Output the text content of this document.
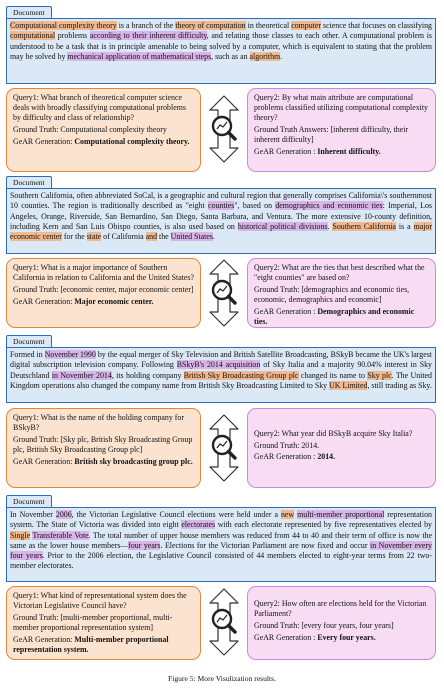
Document
Computational complexity theory is a branch of the theory of computation in theoretical computer science that focuses on classifying computational problems according to their inherent difficulty, and relating those classes to each other. A computational problem is understood to be a task that is in principle amenable to being solved by a computer, which is equivalent to stating that the problem may be solved by mechanical application of mathematical steps, such as an algorithm.

Query1: What branch of theoretical computer science deals with broadly classifying computational problems by difficulty and class of relationship?

Ground Truth: Computational complexity theory

GeAR Generation: Computational complexity theory.

Query2: By what main attribute are computational problems classified utilizing computational complexity theory?

Ground Truth Answers: [inherent difficulty, their inherent difficulty]

GeAR Generation : Inherent difficulty.

Document
Southern California, often abbreviated SoCal, is a geographic and cultural region that generally comprises California\'s southernmost 10 counties. The region is traditionally described as "eight counties", based on demographics and economic ties: Imperial, Los Angeles, Orange, Riverside, San Bernardino, San Diego, Santa Barbara, and Ventura. The more extensive 10-county definition, including Kern and San Luis Obispo counties, is also used based on historical political divisions. Southern California is a major economic center for the state of California and the United States.

Query1: What is a major importance of Southern California in relation to California and the United States?

Ground Truth: [economic center, major economic center]

GeAR Generation: Major economic center.

Query2: What are the ties that best described what the "eight counties" are based on?

Ground Truth: [demographics and economic ties, economic, demographics and economic]

GeAR Generation : Demographics and economic ties.

Document
Formed in November 1990 by the equal merger of Sky Television and British Satellite Broadcasting, BSkyB became the UK's largest digital subscription television company. Following BSkyB's 2014 acquisition of Sky Italia and a majority 90.04% interest in Sky Deutschland in November 2014, its holding company British Sky Broadcasting Group plc changed its name to Sky plc. The United Kingdom operations also changed the company name from British Sky Broadcasting Limited to Sky UK Limited, still trading as Sky.

Query1: What is the name of the holding company for BSkyB?

Ground Truth: [Sky plc, British Sky Broadcasting Group plc, British Sky Broadcasting Group plc]

GeAR Generation: British sky broadcasting group plc.

Query2: What year did BSkyB acquire Sky Italia?

Ground Truth: 2014.

GeAR Generation : 2014.

Document
In November 2006, the Victorian Legislative Council elections were held under a new multi-member proportional representation system. The State of Victoria was divided into eight electorates with each electorate represented by five representatives elected by Single Transferable Vote. The total number of upper house members was reduced from 44 to 40 and their term of office is now the same as the lower house members—four years. Elections for the Victorian Parliament are now fixed and occur in November every four years. Prior to the 2006 election, the Legislative Council consisted of 44 members elected to eight-year terms from 22 two-member electorates.

Query1: What kind of representational system does the Victorian Legislative Council have?

Ground Truth: [multi-member proportional, multi-member proportional representation system]

GeAR Generation: Multi-member proportional representation system.

Query2: How often are elections held for the Victorian Parliament?

Ground Truth: [every four years, four years]

GeAR Generation : Every four years.

Figure 5: More Visulization results.
